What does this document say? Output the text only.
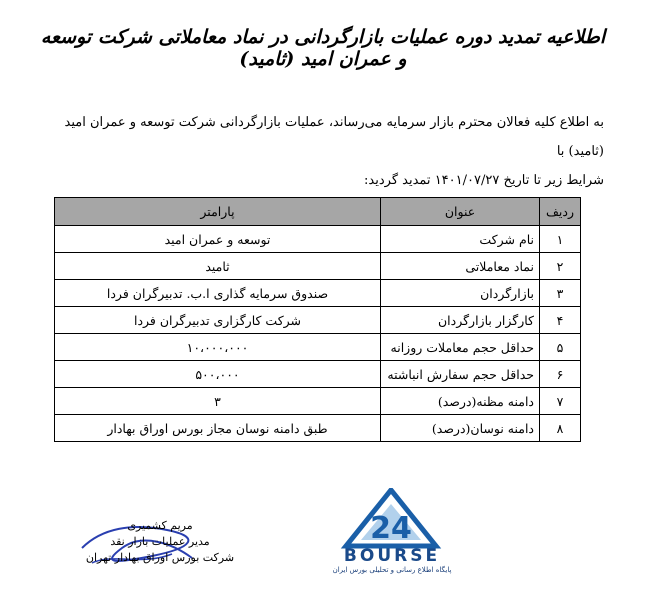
اطلاعیه تمدید دوره عملیات بازارگردانی در نماد معاملاتی شرکت توسعه و عمران امید (ثامید)
به اطلاع کلیه فعالان محترم بازار سرمایه می‌رساند، عملیات بازارگردانی شرکت توسعه و عمران امید (ثامید) با
شرایط زیر تا تاریخ ۱۴۰۱/۰۷/۲۷ تمدید گردید:
ردیف	عنوان	پارامتر
۱	نام شرکت	توسعه و عمران امید
۲	نماد معاملاتی	ثامید
۳	بازارگردان	صندوق سرمایه گذاری ا.ب. تدبیرگران فردا
۴	کارگزار بازارگردان	شرکت کارگزاری تدبیرگران فردا
۵	حداقل حجم معاملات روزانه	۱۰،۰۰۰،۰۰۰
۶	حداقل حجم سفارش انباشته	۵۰۰،۰۰۰
۷	دامنه مظنه(درصد)	۳
۸	دامنه نوسان(درصد)	طبق دامنه نوسان مجاز بورس اوراق بهادار
24
BOURSE
پایگاه اطلاع رسانی و تحلیلی بورس ایران
مریم کشمیری
مدیر عملیات بازار نقد
شرکت بورس اوراق بهادار تهران
